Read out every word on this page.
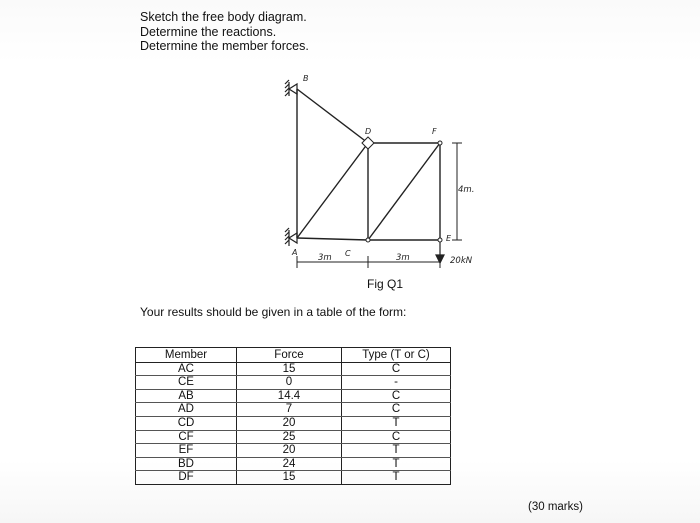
Sketch the free body diagram.
Determine the reactions.
Determine the member forces.
B
D	F
A	C
E
3m	3m
4m.
20kN
Fig Q1
Your results should be given in a table of the form:
Member	Force	Type (T or C)
AC	15	C
CE	0	-
AB	14.4	C
AD	7	C
CD	20	T
CF	25	C
EF	20	T
BD	24	T
DF	15	T
(30 marks)
